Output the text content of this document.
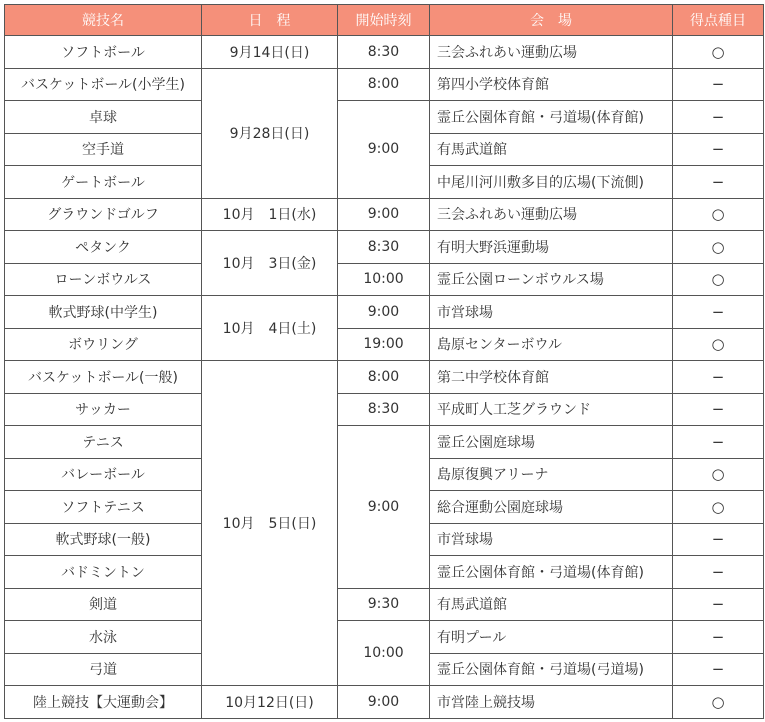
競技名	日　程	開始時刻	会　場	得点種目
ソフトボール	9月14日(日)	8:30	三会ふれあい運動広場	○
バスケットボール(小学生)	9月28日(日)	8:00	第四小学校体育館	−
卓球		9:00	霊丘公園体育館・弓道場(体育館)	−
空手道			有馬武道館	−
ゲートボール			中尾川河川敷多目的広場(下流側)	−
グラウンドゴルフ	10月　1日(水)	9:00	三会ふれあい運動広場	○
ペタンク	10月　3日(金)	8:30	有明大野浜運動場	○
ローンボウルス		10:00	霊丘公園ローンボウルス場	○
軟式野球(中学生)	10月　4日(土)	9:00	市営球場	−
ボウリング		19:00	島原センターボウル	○
バスケットボール(一般)	10月　5日(日)	8:00	第二中学校体育館	−
サッカー		8:30	平成町人工芝グラウンド	−
テニス		9:00	霊丘公園庭球場	−
バレーボール			島原復興アリーナ	○
ソフトテニス			総合運動公園庭球場	○
軟式野球(一般)			市営球場	−
バドミントン			霊丘公園体育館・弓道場(体育館)	−
剣道		9:30	有馬武道館	−
水泳		10:00	有明プール	−
弓道			霊丘公園体育館・弓道場(弓道場)	−
陸上競技【大運動会】	10月12日(日)	9:00	市営陸上競技場	○
